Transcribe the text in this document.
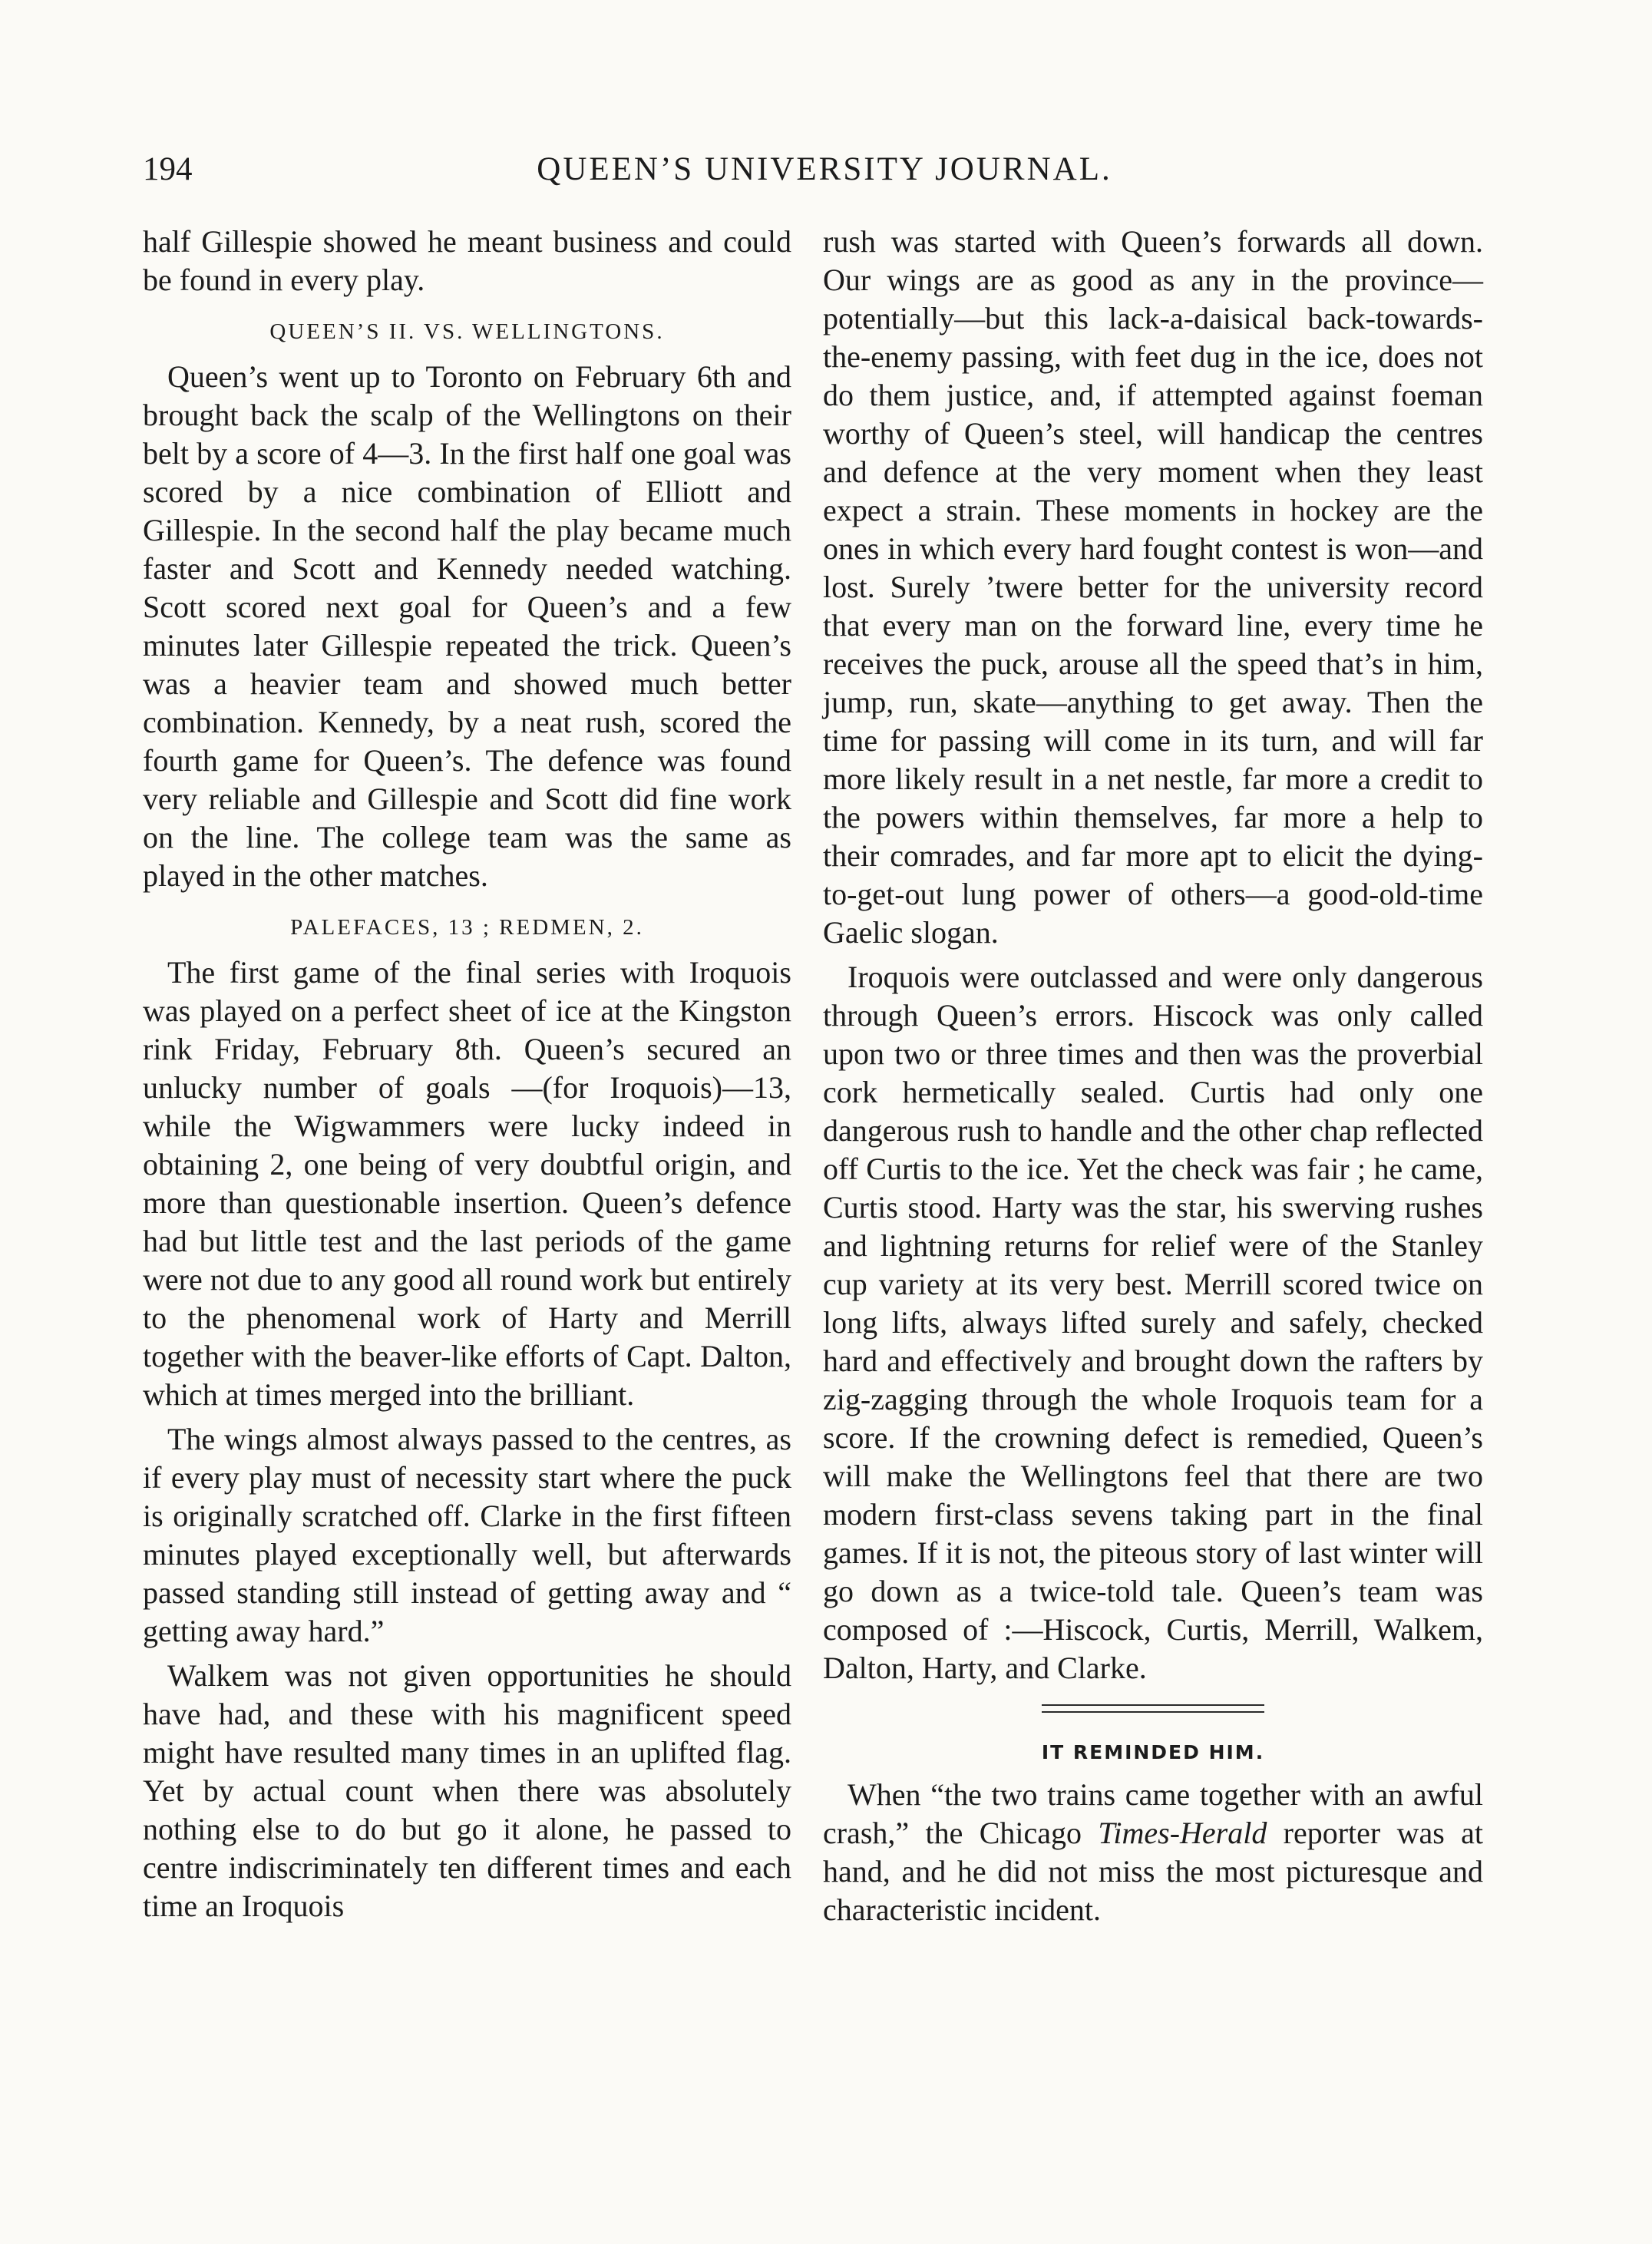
QUEEN’S UNIVERSITY JOURNAL.
194

half Gillespie showed he meant business and could be found in every play.

QUEEN’S II. VS. WELLINGTONS.

Queen’s went up to Toronto on February 6th and brought back the scalp of the Wellingtons on their belt by a score of 4—3. In the first half one goal was scored by a nice combination of Elliott and Gillespie. In the second half the play became much faster and Scott and Kennedy needed watching. Scott scored next goal for Queen’s and a few minutes later Gillespie repeated the trick. Queen’s was a heavier team and showed much better combination. Kennedy, by a neat rush, scored the fourth game for Queen’s. The defence was found very reliable and Gillespie and Scott did fine work on the line. The college team was the same as played in the other matches.

PALEFACES, 13 ; REDMEN, 2.

The first game of the final series with Iroquois was played on a perfect sheet of ice at the Kingston rink Friday, February 8th. Queen’s secured an unlucky number of goals —(for Iroquois)—13, while the Wigwammers were lucky indeed in obtaining 2, one being of very doubtful origin, and more than questionable insertion. Queen’s defence had but little test and the last periods of the game were not due to any good all round work but entirely to the phenomenal work of Harty and Merrill together with the beaver-like efforts of Capt. Dalton, which at times merged into the brilliant.

The wings almost always passed to the centres, as if every play must of necessity start where the puck is originally scratched off. Clarke in the first fifteen minutes played exceptionally well, but afterwards passed standing still instead of getting away and “ getting away hard.”

Walkem was not given opportunities he should have had, and these with his magnificent speed might have resulted many times in an uplifted flag. Yet by actual count when there was absolutely nothing else to do but go it alone, he passed to centre indiscriminately ten different times and each time an Iroquois

rush was started with Queen’s forwards all down. Our wings are as good as any in the province—potentially—but this lack-a-daisical back-towards-the-enemy passing, with feet dug in the ice, does not do them justice, and, if attempted against foeman worthy of Queen’s steel, will handicap the centres and defence at the very moment when they least expect a strain. These moments in hockey are the ones in which every hard fought contest is won—and lost. Surely ’twere better for the university record that every man on the forward line, every time he receives the puck, arouse all the speed that’s in him, jump, run, skate—anything to get away. Then the time for passing will come in its turn, and will far more likely result in a net nestle, far more a credit to the powers within themselves, far more a help to their comrades, and far more apt to elicit the dying-to-get-out lung power of others—a good-old-time Gaelic slogan.

Iroquois were outclassed and were only dangerous through Queen’s errors. Hiscock was only called upon two or three times and then was the proverbial cork hermetically sealed. Curtis had only one dangerous rush to handle and the other chap reflected off Curtis to the ice. Yet the check was fair ; he came, Curtis stood. Harty was the star, his swerving rushes and lightning returns for relief were of the Stanley cup variety at its very best. Merrill scored twice on long lifts, always lifted surely and safely, checked hard and effectively and brought down the rafters by zig-zagging through the whole Iroquois team for a score. If the crowning defect is remedied, Queen’s will make the Wellingtons feel that there are two modern first-class sevens taking part in the final games. If it is not, the piteous story of last winter will go down as a twice-told tale. Queen’s team was composed of :—Hiscock, Curtis, Merrill, Walkem, Dalton, Harty, and Clarke.

IT REMINDED HIM.

When “the two trains came together with an awful crash,” the Chicago Times-Herald reporter was at hand, and he did not miss the most picturesque and characteristic incident.
